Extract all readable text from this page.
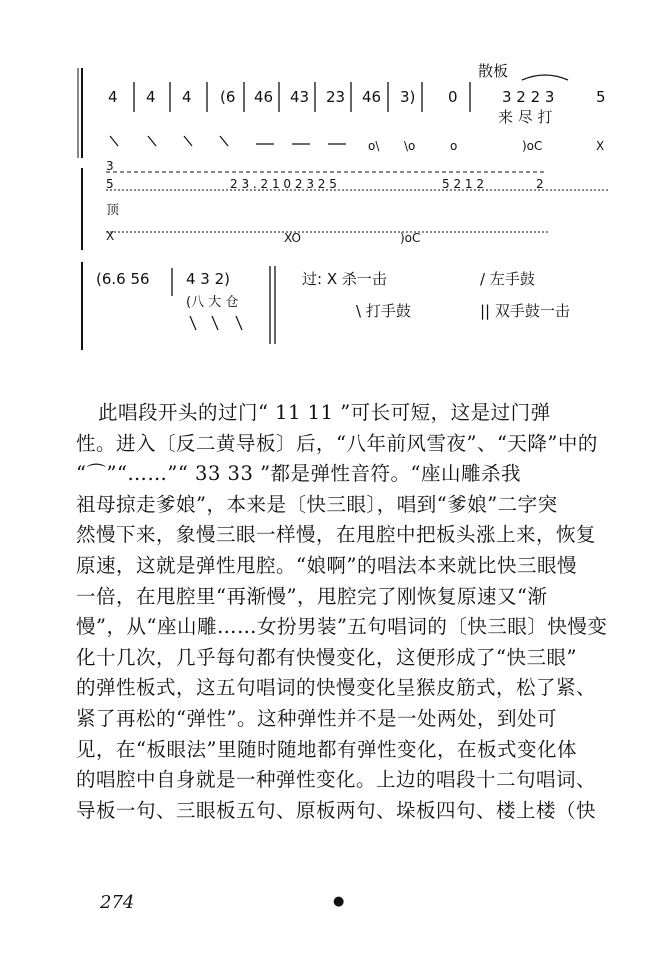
4 4 4 (6 46 43 23 46 3) 0	3 2 2 3	5
散板
来 尽 打
o\ \o	o	)oC	X
3
5	2 3 . 2 1 0 2 3 2 5	5 2 1 2	2
X	XO	)oC
顶
(6.6 56 4 3 2)
(八 大 仓
过: X 杀一击
\ 打手鼓
/ 左手鼓
|| 双手鼓一击

此唱段开头的过门“ 11 11 ”可长可短，这是过门弹

性。进入〔反二黄导板〕后，“八年前风雪夜”、“天降”中的

“⌒”“……”“ 33 33 ”都是弹性音符。“座山雕杀我

祖母掠走爹娘”，本来是〔快三眼〕，唱到“爹娘”二字突

然慢下来，象慢三眼一样慢，在甩腔中把板头涨上来，恢复

原速，这就是弹性甩腔。“娘啊”的唱法本来就比快三眼慢

一倍，在甩腔里“再渐慢”，甩腔完了刚恢复原速又“渐

慢”，从“座山雕……女扮男装”五句唱词的〔快三眼〕快慢变

化十几次，几乎每句都有快慢变化，这便形成了“快三眼”

的弹性板式，这五句唱词的快慢变化呈猴皮筋式，松了紧、

紧了再松的“弹性”。这种弹性并不是一处两处，到处可

见，在“板眼法”里随时随地都有弹性变化，在板式变化体

的唱腔中自身就是一种弹性变化。上边的唱段十二句唱词、

导板一句、三眼板五句、原板两句、垛板四句、楼上楼（快

274	●
